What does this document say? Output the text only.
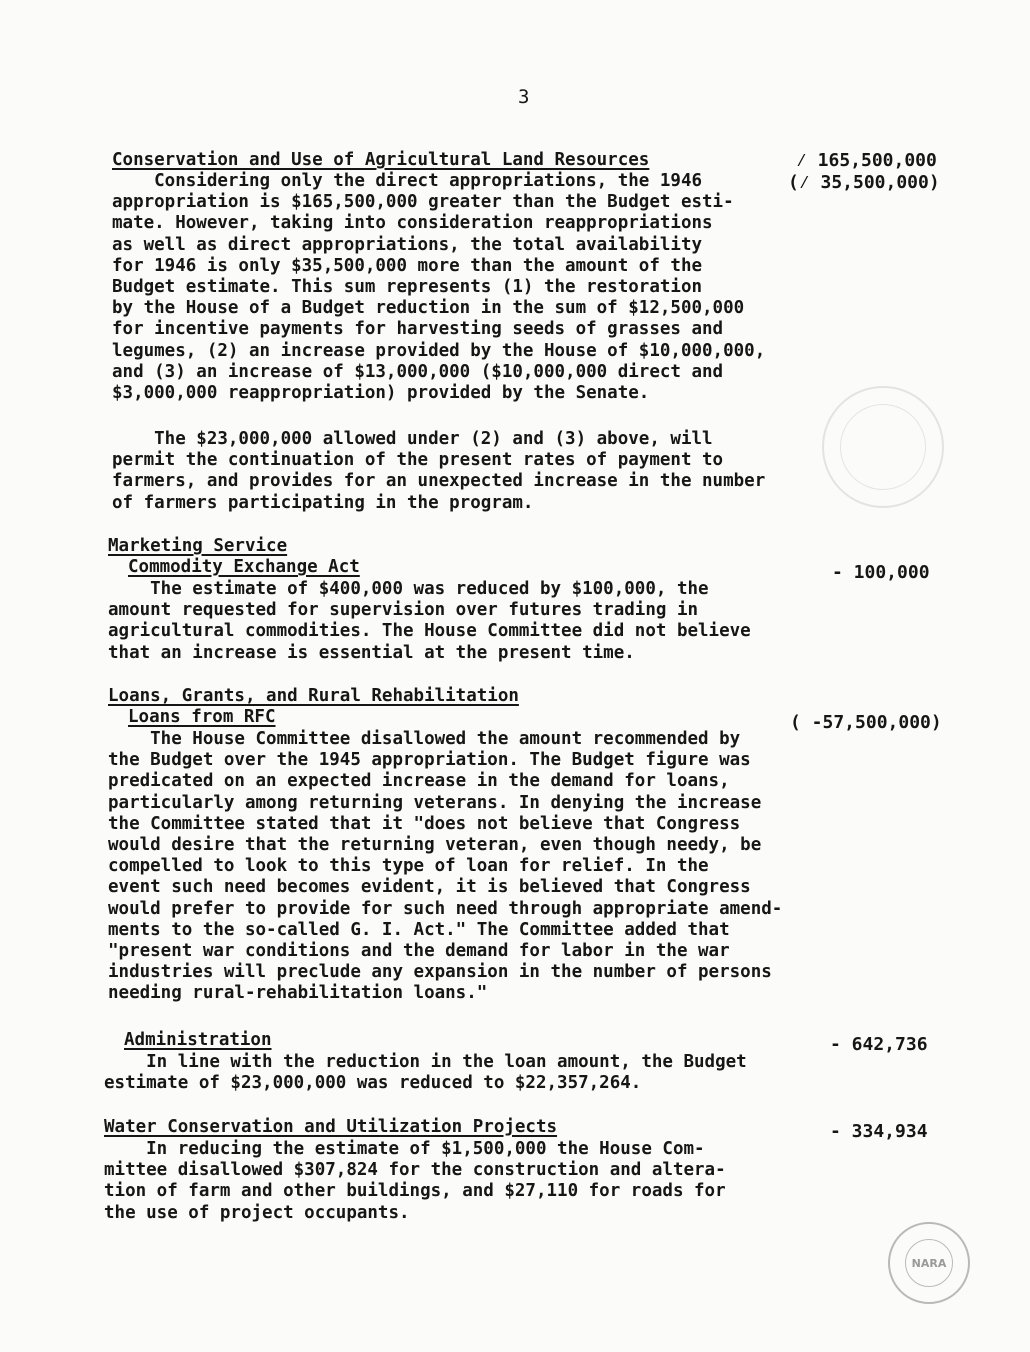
3
Conservation and Use of Agricultural Land Resources	⁄ 165,500,000
(⁄ 35,500,000)
Considering only the direct appropriations, the 1946
appropriation is $165,500,000 greater than the Budget esti-
mate. However, taking into consideration reappropriations
as well as direct appropriations, the total availability
for 1946 is only $35,500,000 more than the amount of the
Budget estimate. This sum represents (1) the restoration
by the House of a Budget reduction in the sum of $12,500,000
for incentive payments for harvesting seeds of grasses and
legumes, (2) an increase provided by the House of $10,000,000,
and (3) an increase of $13,000,000 ($10,000,000 direct and
$3,000,000 reappropriation) provided by the Senate.
The $23,000,000 allowed under (2) and (3) above, will
permit the continuation of the present rates of payment to
farmers, and provides for an unexpected increase in the number
of farmers participating in the program.
Marketing Service
Commodity Exchange Act	- 100,000
The estimate of $400,000 was reduced by $100,000, the
amount requested for supervision over futures trading in
agricultural commodities. The House Committee did not believe
that an increase is essential at the present time.
Loans, Grants, and Rural Rehabilitation
Loans from RFC	( -57,500,000)
The House Committee disallowed the amount recommended by
the Budget over the 1945 appropriation. The Budget figure was
predicated on an expected increase in the demand for loans,
particularly among returning veterans. In denying the increase
the Committee stated that it "does not believe that Congress
would desire that the returning veteran, even though needy, be
compelled to look to this type of loan for relief. In the
event such need becomes evident, it is believed that Congress
would prefer to provide for such need through appropriate amend-
ments to the so-called G. I. Act." The Committee added that
"present war conditions and the demand for labor in the war
industries will preclude any expansion in the number of persons
needing rural-rehabilitation loans."
Administration	- 642,736
In line with the reduction in the loan amount, the Budget
estimate of $23,000,000 was reduced to $22,357,264.
Water Conservation and Utilization Projects	- 334,934
In reducing the estimate of $1,500,000 the House Com-
mittee disallowed $307,824 for the construction and altera-
tion of farm and other buildings, and $27,110 for roads for
the use of project occupants.
NARA
